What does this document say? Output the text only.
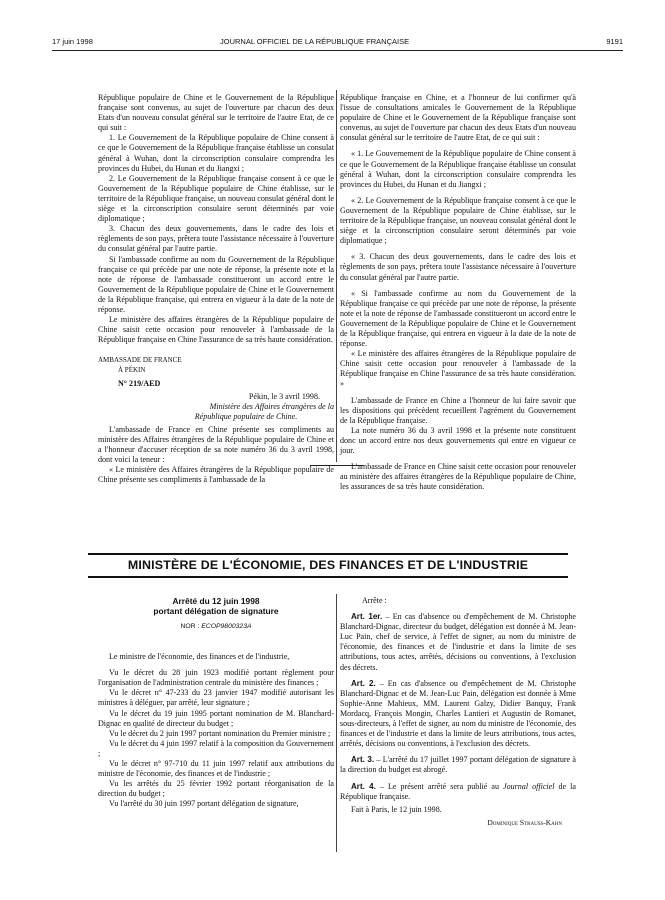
17 juin 1998	JOURNAL OFFICIEL DE LA RÉPUBLIQUE FRANÇAISE	9191

République populaire de Chine et le Gouvernement de la République française sont convenus, au sujet de l'ouverture par chacun des deux Etats d'un nouveau consulat général sur le territoire de l'autre Etat, de ce qui suit :

1. Le Gouvernement de la République populaire de Chine consent à ce que le Gouvernement de la République française établisse un consulat général à Wuhan, dont la circonscription consulaire comprendra les provinces du Hubei, du Hunan et du Jiangxi ;

2. Le Gouvernement de la République française consent à ce que le Gouvernement de la République populaire de Chine établisse, sur le territoire de la République française, un nouveau consulat général dont le siège et la circonscription consulaire seront déterminés par voie diplomatique ;

3. Chacun des deux gouvernements, dans le cadre des lois et règlements de son pays, prêtera toute l'assistance nécessaire à l'ouverture du consulat général par l'autre partie.

Si l'ambassade confirme au nom du Gouvernement de la République française ce qui précède par une note de réponse, la présente note et la note de réponse de l'ambassade constitueront un accord entre le Gouvernement de la République populaire de Chine et le Gouvernement de la République française, qui entrera en vigueur à la date de la note de réponse.

Le ministère des affaires étrangères de la République populaire de Chine saisit cette occasion pour renouveler à l'ambassade de la République française en Chine l'assurance de sa très haute considération.

AMBASSADE DE FRANCE

À PÉKIN

N° 219/AED

Pékin, le 3 avril 1998.

Ministère des Affaires étrangères de la

République populaire de Chine.

L'ambassade de France en Chine présente ses compliments au ministère des Affaires étrangères de la République populaire de Chine et a l'honneur d'accuser réception de sa note numéro 36 du 3 avril 1998, dont voici la teneur :

« Le ministère des Affaires étrangères de la République populaire de Chine présente ses compliments à l'ambassade de la

République française en Chine, et a l'honneur de lui confirmer qu'à l'issue de consultations amicales le Gouvernement de la République populaire de Chine et le Gouvernement de la République française sont convenus, au sujet de l'ouverture par chacun des deux Etats d'un nouveau consulat général sur le territoire de l'autre Etat, de ce qui suit :

« 1. Le Gouvernement de la République populaire de Chine consent à ce que le Gouvernement de la République française établisse un consulat général à Wuhan, dont la circonscription consulaire comprendra les provinces du Hubei, du Hunan et du Jiangxi ;

« 2. Le Gouvernement de la République française consent à ce que le Gouvernement de la République populaire de Chine établisse, sur le territoire de la République française, un nouveau consulat général dont le siège et la circonscription consulaire seront déterminés par voie diplomatique ;

« 3. Chacun des deux gouvernements, dans le cadre des lois et règlements de son pays, prêtera toute l'assistance nécessaire à l'ouverture du consulat général par l'autre partie.

« Si l'ambassade confirme au nom du Gouvernement de la République française ce qui précède par une note de réponse, la présente note et la note de réponse de l'ambassade constitueront un accord entre le Gouvernement de la République populaire de Chine et le Gouvernement de la République française, qui entrera en vigueur à la date de la note de réponse.

« Le ministère des affaires étrangères de la République populaire de Chine saisit cette occasion pour renouveler à l'ambassade de la République française en Chine l'assurance de sa très haute considération. »

L'ambassade de France en Chine a l'honneur de lui faire savoir que les dispositions qui précèdent recueillent l'agrément du Gouvernement de la République française.

La note numéro 36 du 3 avril 1998 et la présente note constituent donc un accord entre nos deux gouvernements qui entre en vigueur ce jour.

L'ambassade de France en Chine saisit cette occasion pour renouveler au ministère des affaires étrangères de la République populaire de Chine, les assurances de sa très haute considération.

MINISTÈRE DE L'ÉCONOMIE, DES FINANCES ET DE L'INDUSTRIE
Arrêté du 12 juin 1998
portant délégation de signature
NOR : ECOP9800323A

Le ministre de l'économie, des finances et de l'industrie,

Vu le décret du 28 juin 1923 modifié portant règlement pour l'organisation de l'administration centrale du ministère des finances ;

Vu le décret n° 47-233 du 23 janvier 1947 modifié autorisant les ministres à déléguer, par arrêté, leur signature ;

Vu le décret du 19 juin 1995 portant nomination de M. Blanchard-Dignac en qualité de directeur du budget ;

Vu le décret du 2 juin 1997 portant nomination du Premier ministre ;

Vu le décret du 4 juin 1997 relatif à la composition du Gouvernement ;

Vu le décret n° 97-710 du 11 juin 1997 relatif aux attributions du ministre de l'économie, des finances et de l'industrie ;

Vu les arrêtés du 25 février 1992 portant réorganisation de la direction du budget ;

Vu l'arrêté du 30 juin 1997 portant délégation de signature,

Arrête :

Art. 1er. – En cas d'absence ou d'empêchement de M. Christophe Blanchard-Dignac, directeur du budget, délégation est donnée à M. Jean-Luc Pain, chef de service, à l'effet de signer, au nom du ministre de l'économie, des finances et de l'industrie et dans la limite de ses attributions, tous actes, arrêtés, décisions ou conventions, à l'exclusion des décrets.

Art. 2. – En cas d'absence ou d'empêchement de M. Christophe Blanchard-Dignac et de M. Jean-Luc Pain, délégation est donnée à Mme Sophie-Anne Mahieux, MM. Laurent Galzy, Didier Banquy, Frank Mordacq, François Mongin, Charles Lantieri et Augustin de Romanet, sous-directeurs, à l'effet de signer, au nom du ministre de l'économie, des finances et de l'industrie et dans la limite de leurs attributions, tous actes, arrêtés, décisions ou conventions, à l'exclusion des décrets.

Art. 3. – L'arrêté du 17 juillet 1997 portant délégation de signature à la direction du budget est abrogé.

Art. 4. – Le présent arrêté sera publié au Journal officiel de la République française.

Fait à Paris, le 12 juin 1998.

Dominique Strauss-Kahn
